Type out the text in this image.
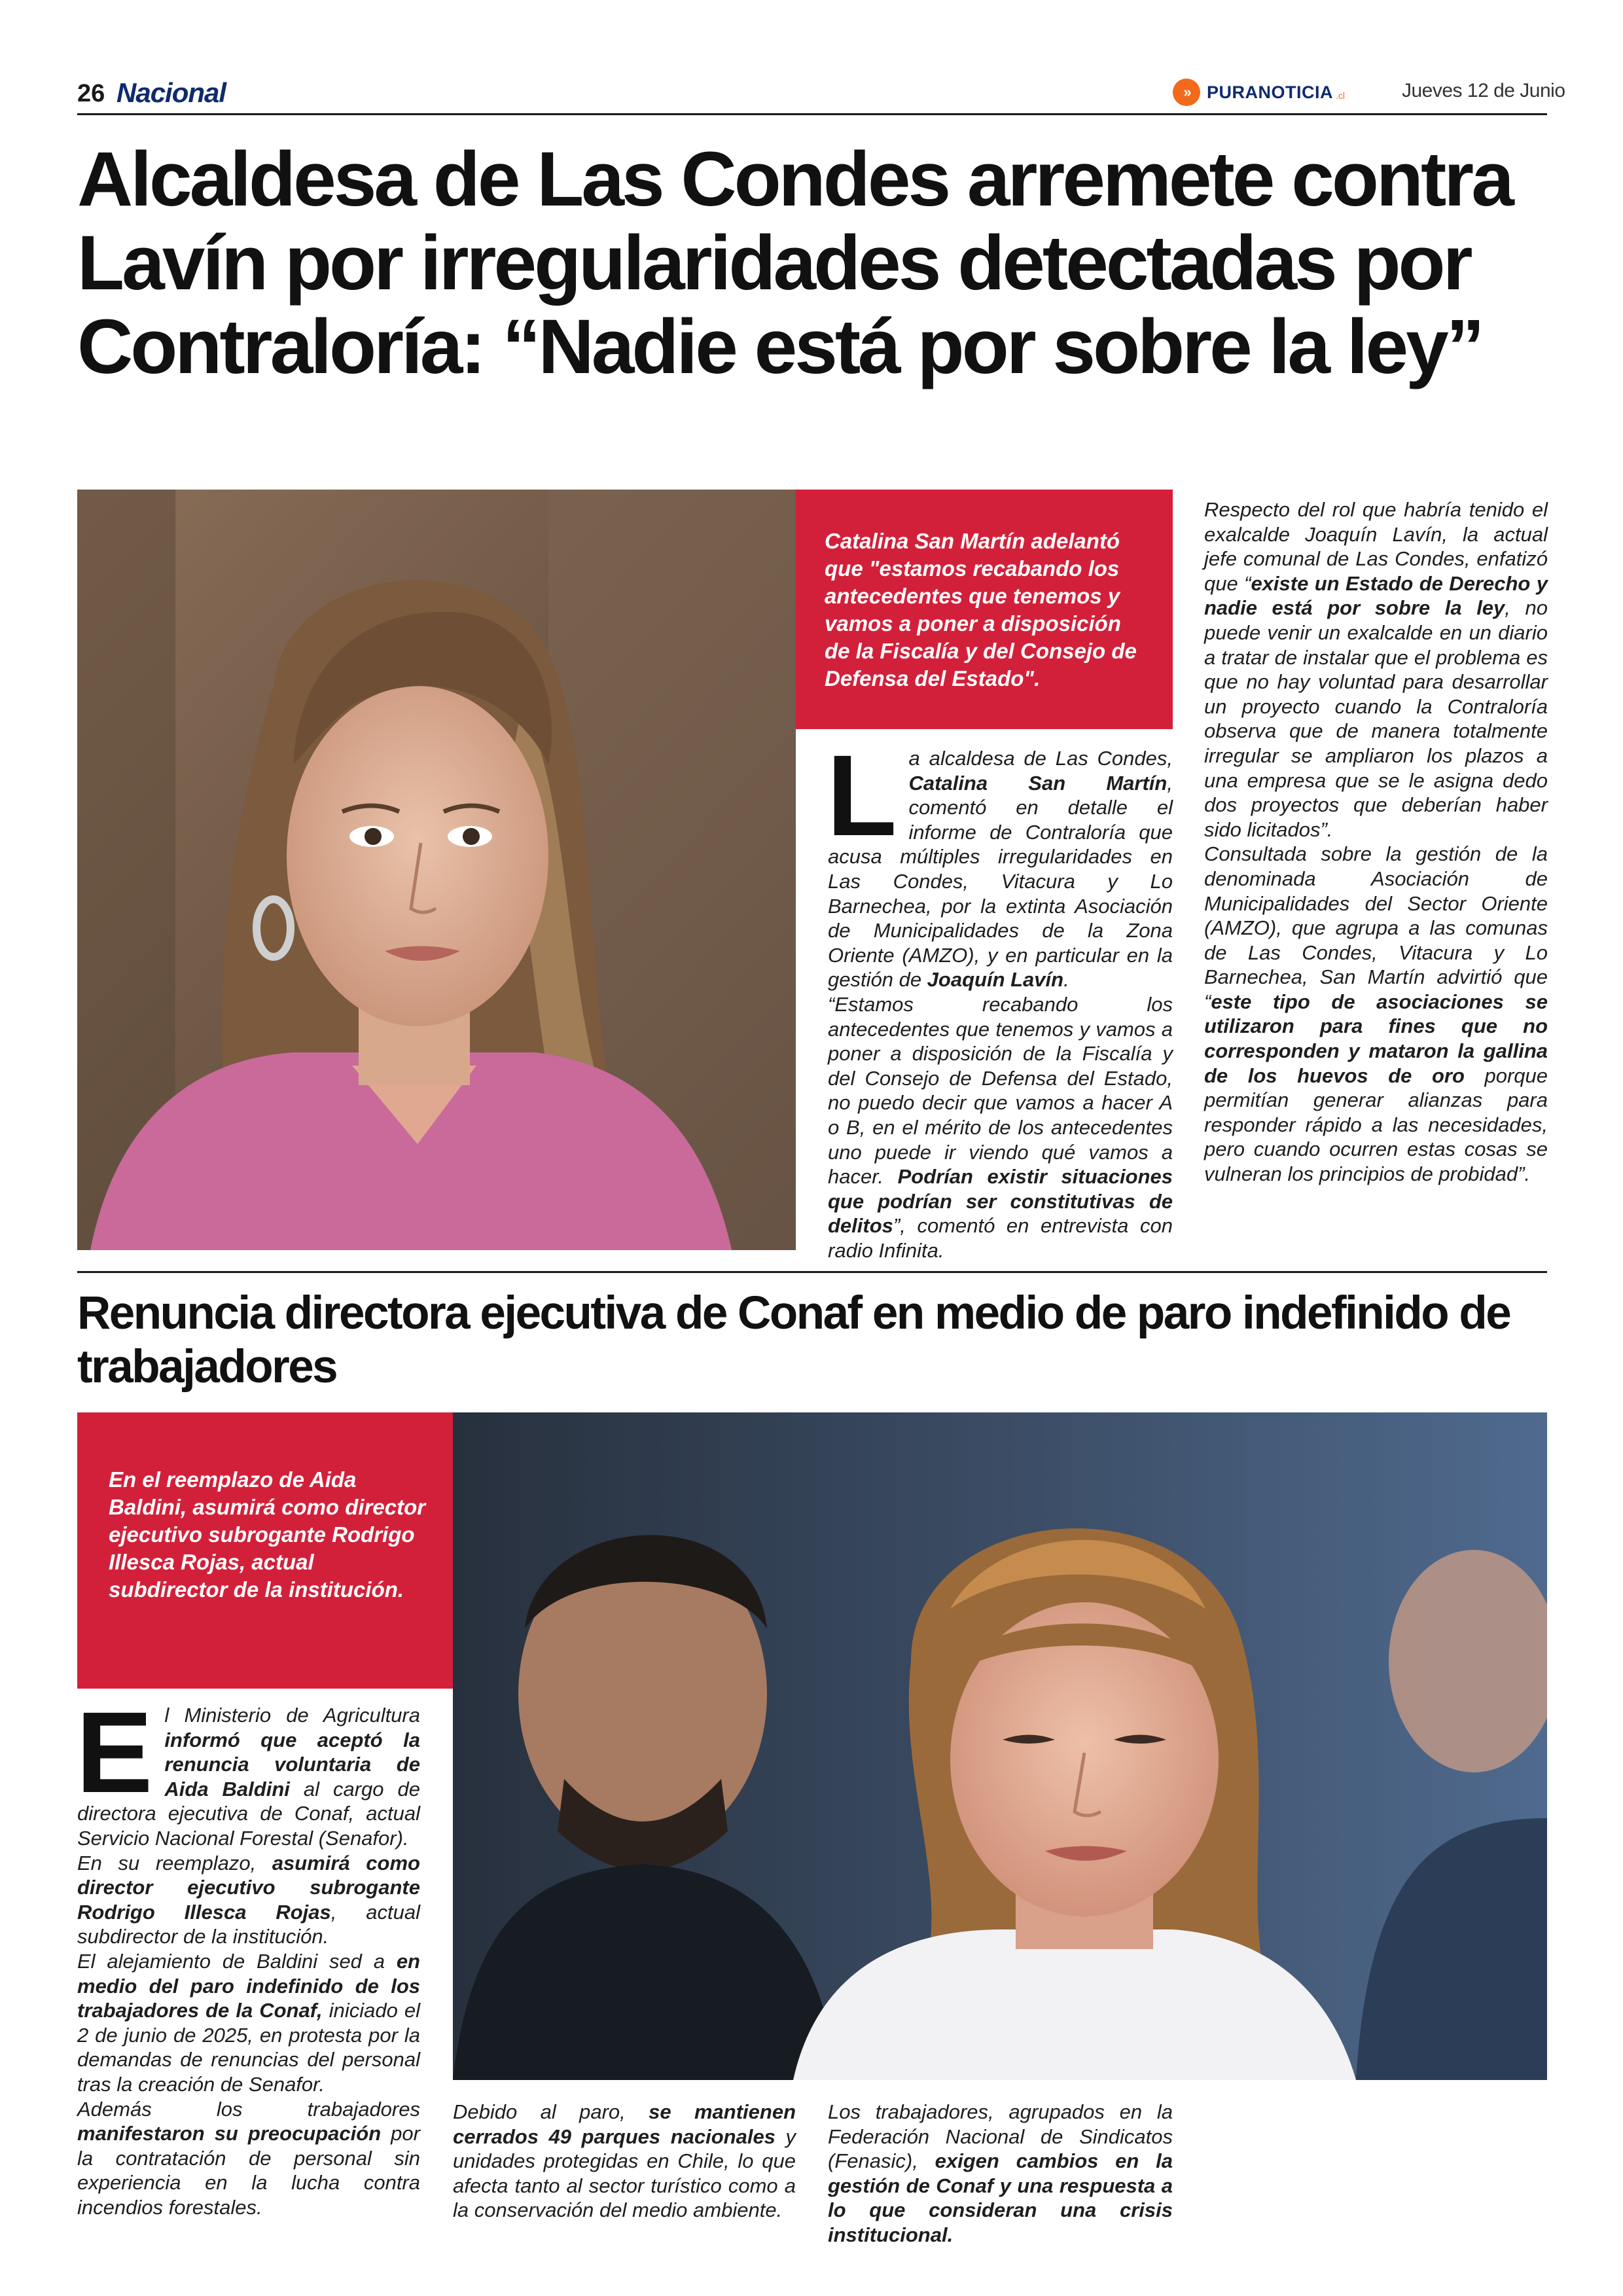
26 Nacional	» PURANOTICIA .cl	Jueves 12 de Junio
Alcaldesa de Las Condes arremete contra Lavín por irregularidades detectadas por Contraloría: “Nadie está por sobre la ley”
Catalina San Martín adelantó que "estamos recabando los antecedentes que tenemos y vamos a poner a disposición de la Fiscalía y del Consejo de Defensa del Estado".

La alcaldesa de Las Condes, Catalina San Martín, comentó en detalle el informe de Contraloría que acusa múltiples irregularidades en Las Condes, Vitacura y Lo Barnechea, por la extinta Asociación de Municipalidades de la Zona Oriente (AMZO), y en particular en la gestión de Joaquín Lavín.

“Estamos recabando los antecedentes que tenemos y vamos a poner a disposición de la Fiscalía y del Consejo de Defensa del Estado, no puedo decir que vamos a hacer A o B, en el mérito de los antecedentes uno puede ir viendo qué vamos a hacer. Podrían existir situaciones que podrían ser constitutivas de delitos”, comentó en entrevista con radio Infinita.

Respecto del rol que habría tenido el exalcalde Joaquín Lavín, la actual jefe comunal de Las Condes, enfatizó que “existe un Estado de Derecho y nadie está por sobre la ley, no puede venir un exalcalde en un diario a tratar de instalar que el problema es que no hay voluntad para desarrollar un proyecto cuando la Contraloría observa que de manera totalmente irregular se ampliaron los plazos a una empresa que se le asigna dedo dos proyectos que deberían haber sido licitados”.

Consultada sobre la gestión de la denominada Asociación de Municipalidades del Sector Oriente (AMZO), que agrupa a las comunas de Las Condes, Vitacura y Lo Barnechea, San Martín advirtió que “este tipo de asociaciones se utilizaron para fines que no corresponden y mataron la gallina de los huevos de oro porque permitían generar alianzas para responder rápido a las necesidades, pero cuando ocurren estas cosas se vulneran los principios de probidad”.

Renuncia directora ejecutiva de Conaf en medio de paro indefinido de trabajadores
En el reemplazo de Aida Baldini, asumirá como director ejecutivo subrogante Rodrigo Illesca Rojas, actual subdirector de la institución.

El Ministerio de Agricultura informó que aceptó la renuncia voluntaria de Aida Baldini al cargo de directora ejecutiva de Conaf, actual Servicio Nacional Forestal (Senafor).

En su reemplazo, asumirá como director ejecutivo subrogante Rodrigo Illesca Rojas, actual subdirector de la institución.

El alejamiento de Baldini sed a en medio del paro indefinido de los trabajadores de la Conaf, iniciado el 2 de junio de 2025, en protesta por la demandas de renuncias del personal tras la creación de Senafor.

Además los trabajadores manifestaron su preocupación por la contratación de personal sin experiencia en la lucha contra incendios forestales.

Debido al paro, se mantienen cerrados 49 parques nacionales y unidades protegidas en Chile, lo que afecta tanto al sector turístico como a la conservación del medio ambiente.

Los trabajadores, agrupados en la Federación Nacional de Sindicatos (Fenasic), exigen cambios en la gestión de Conaf y una respuesta a lo que consideran una crisis institucional.
